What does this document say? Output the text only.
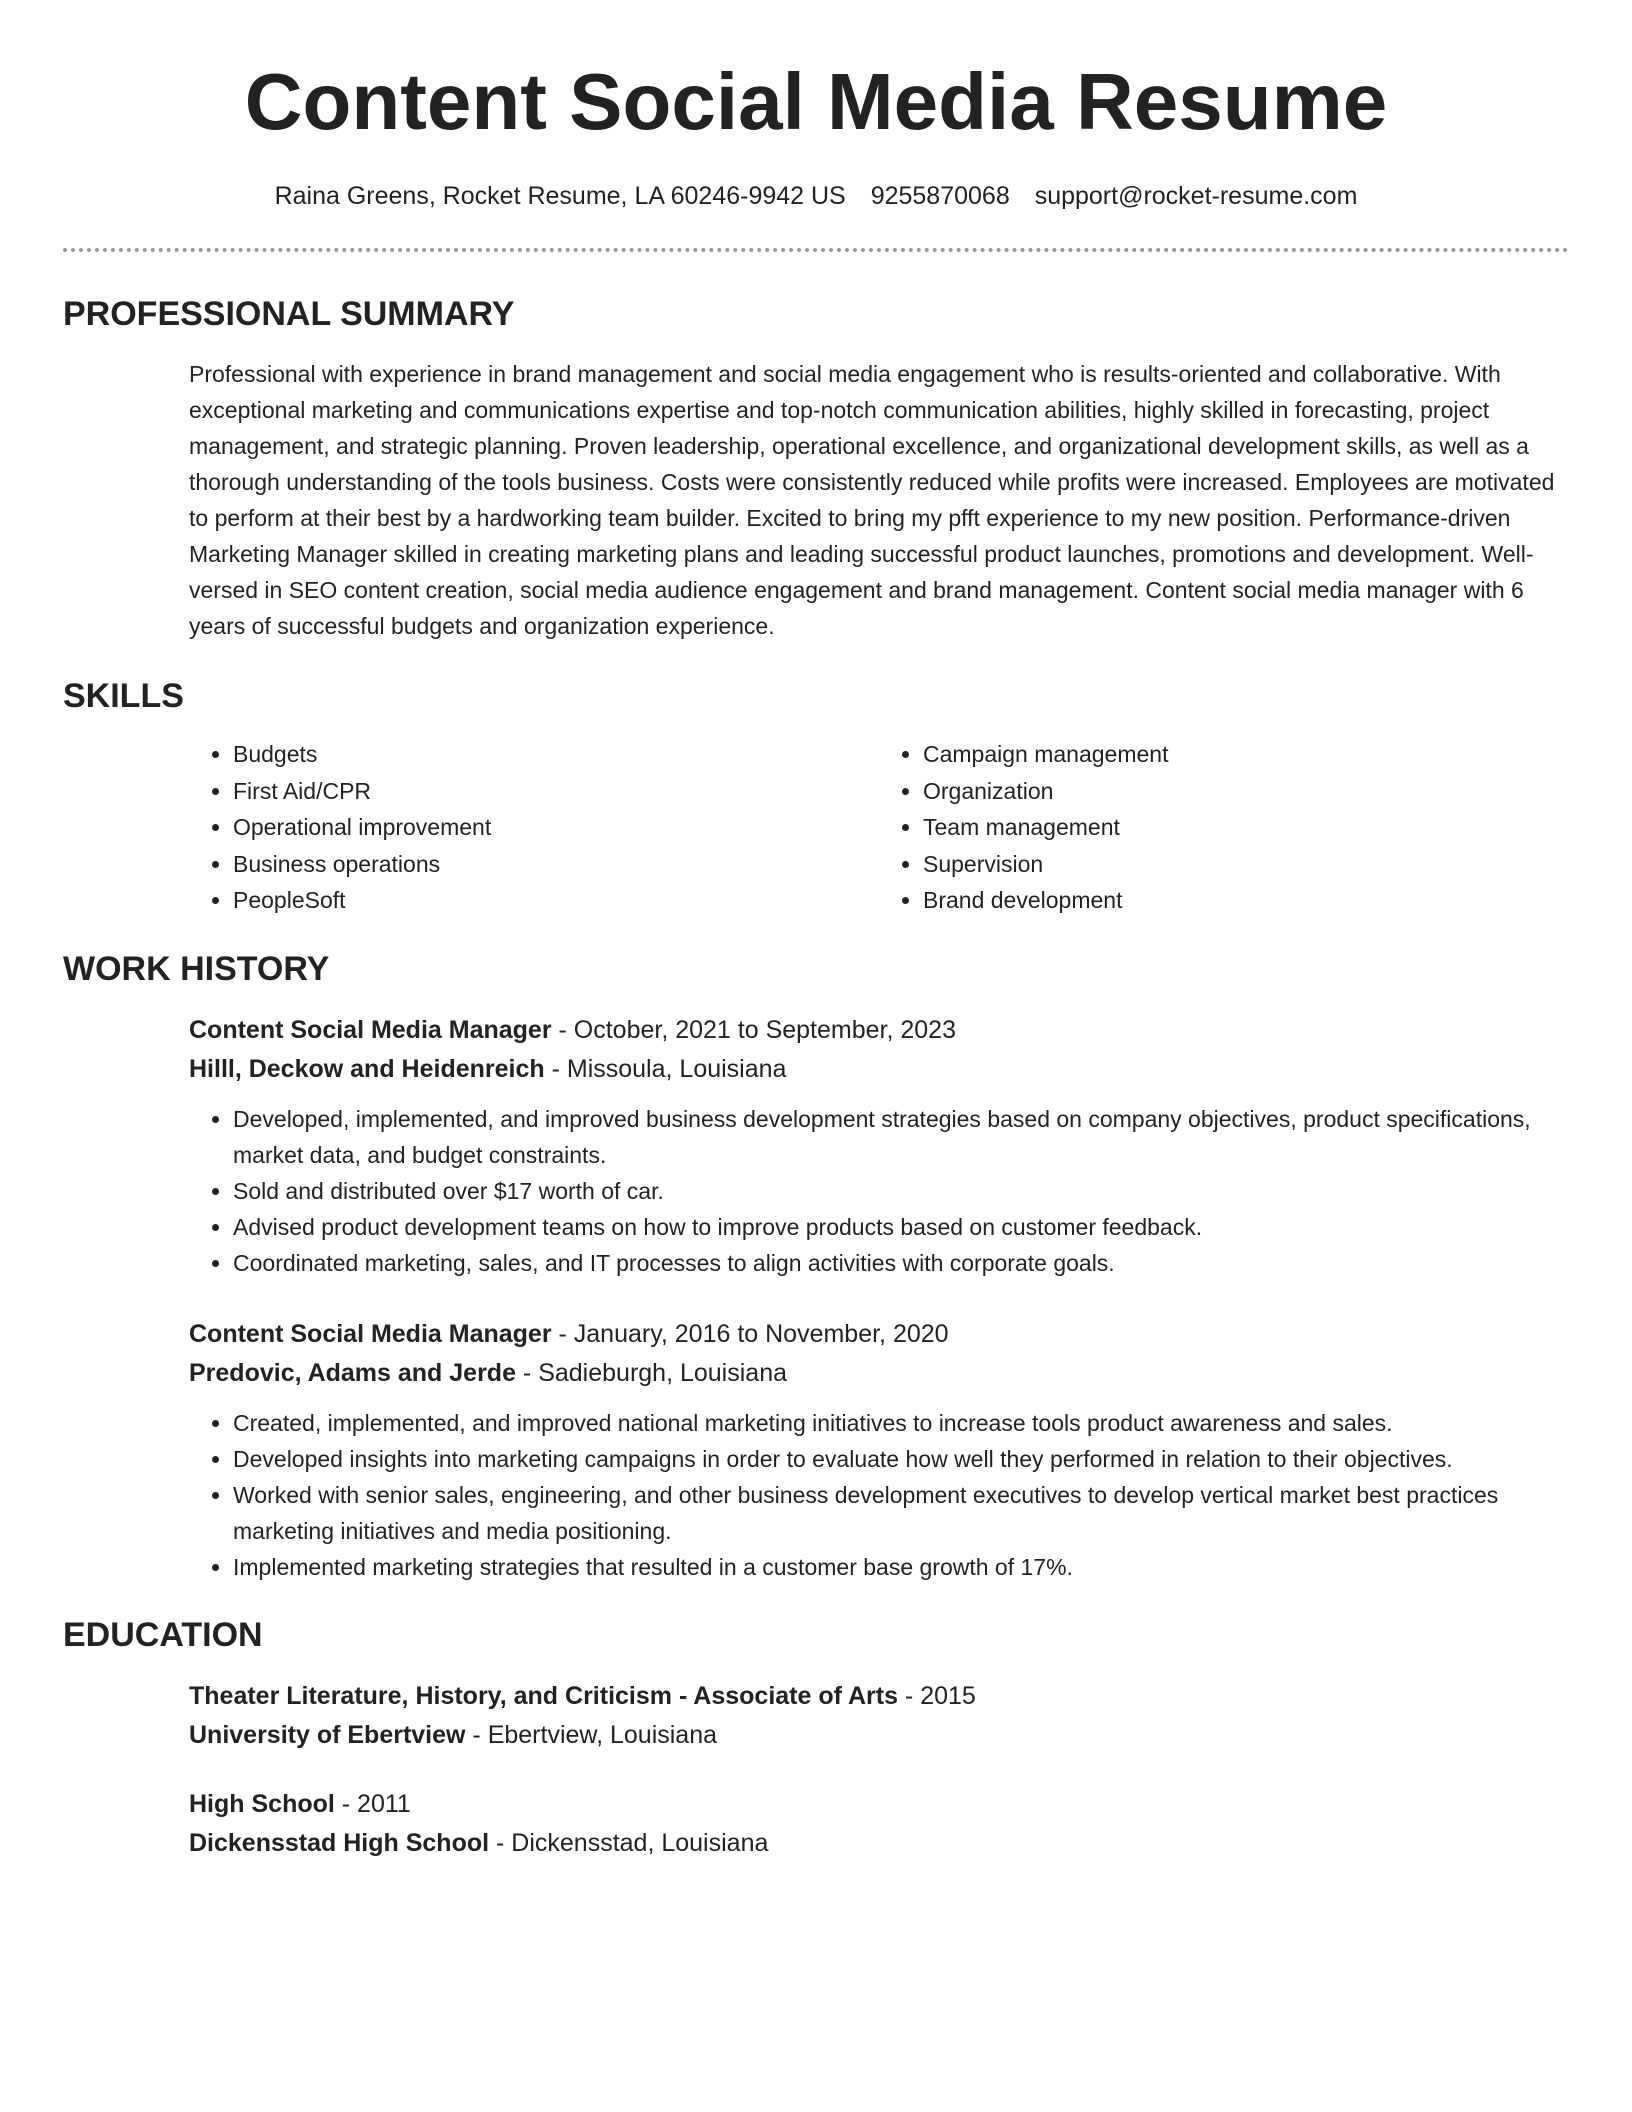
Content Social Media Resume
Raina Greens, Rocket Resume, LA 60246-9942 US 9255870068 support@rocket-resume.com
PROFESSIONAL SUMMARY

Professional with experience in brand management and social media engagement who is results-oriented and collaborative. With exceptional marketing and communications expertise and top-notch communication abilities, highly skilled in forecasting, project management, and strategic planning. Proven leadership, operational excellence, and organizational development skills, as well as a thorough understanding of the tools business. Costs were consistently reduced while profits were increased. Employees are motivated to perform at their best by a hardworking team builder. Excited to bring my pfft experience to my new position. Performance-driven Marketing Manager skilled in creating marketing plans and leading successful product launches, promotions and development. Well-versed in SEO content creation, social media audience engagement and brand management. Content social media manager with 6 years of successful budgets and organization experience.

SKILLS
• Budgets
• First Aid/CPR
• Operational improvement
• Business operations
• PeopleSoft
• Campaign management
• Organization
• Team management
• Supervision
• Brand development
WORK HISTORY
Content Social Media Manager - October, 2021 to September, 2023
Hilll, Deckow and Heidenreich - Missoula, Louisiana
• Developed, implemented, and improved business development strategies based on company objectives, product specifications, market data, and budget constraints.
• Sold and distributed over $17 worth of car.
• Advised product development teams on how to improve products based on customer feedback.
• Coordinated marketing, sales, and IT processes to align activities with corporate goals.
Content Social Media Manager - January, 2016 to November, 2020
Predovic, Adams and Jerde - Sadieburgh, Louisiana
• Created, implemented, and improved national marketing initiatives to increase tools product awareness and sales.
• Developed insights into marketing campaigns in order to evaluate how well they performed in relation to their objectives.
• Worked with senior sales, engineering, and other business development executives to develop vertical market best practices marketing initiatives and media positioning.
• Implemented marketing strategies that resulted in a customer base growth of 17%.
EDUCATION
Theater Literature, History, and Criticism - Associate of Arts - 2015
University of Ebertview - Ebertview, Louisiana
High School - 2011
Dickensstad High School - Dickensstad, Louisiana
